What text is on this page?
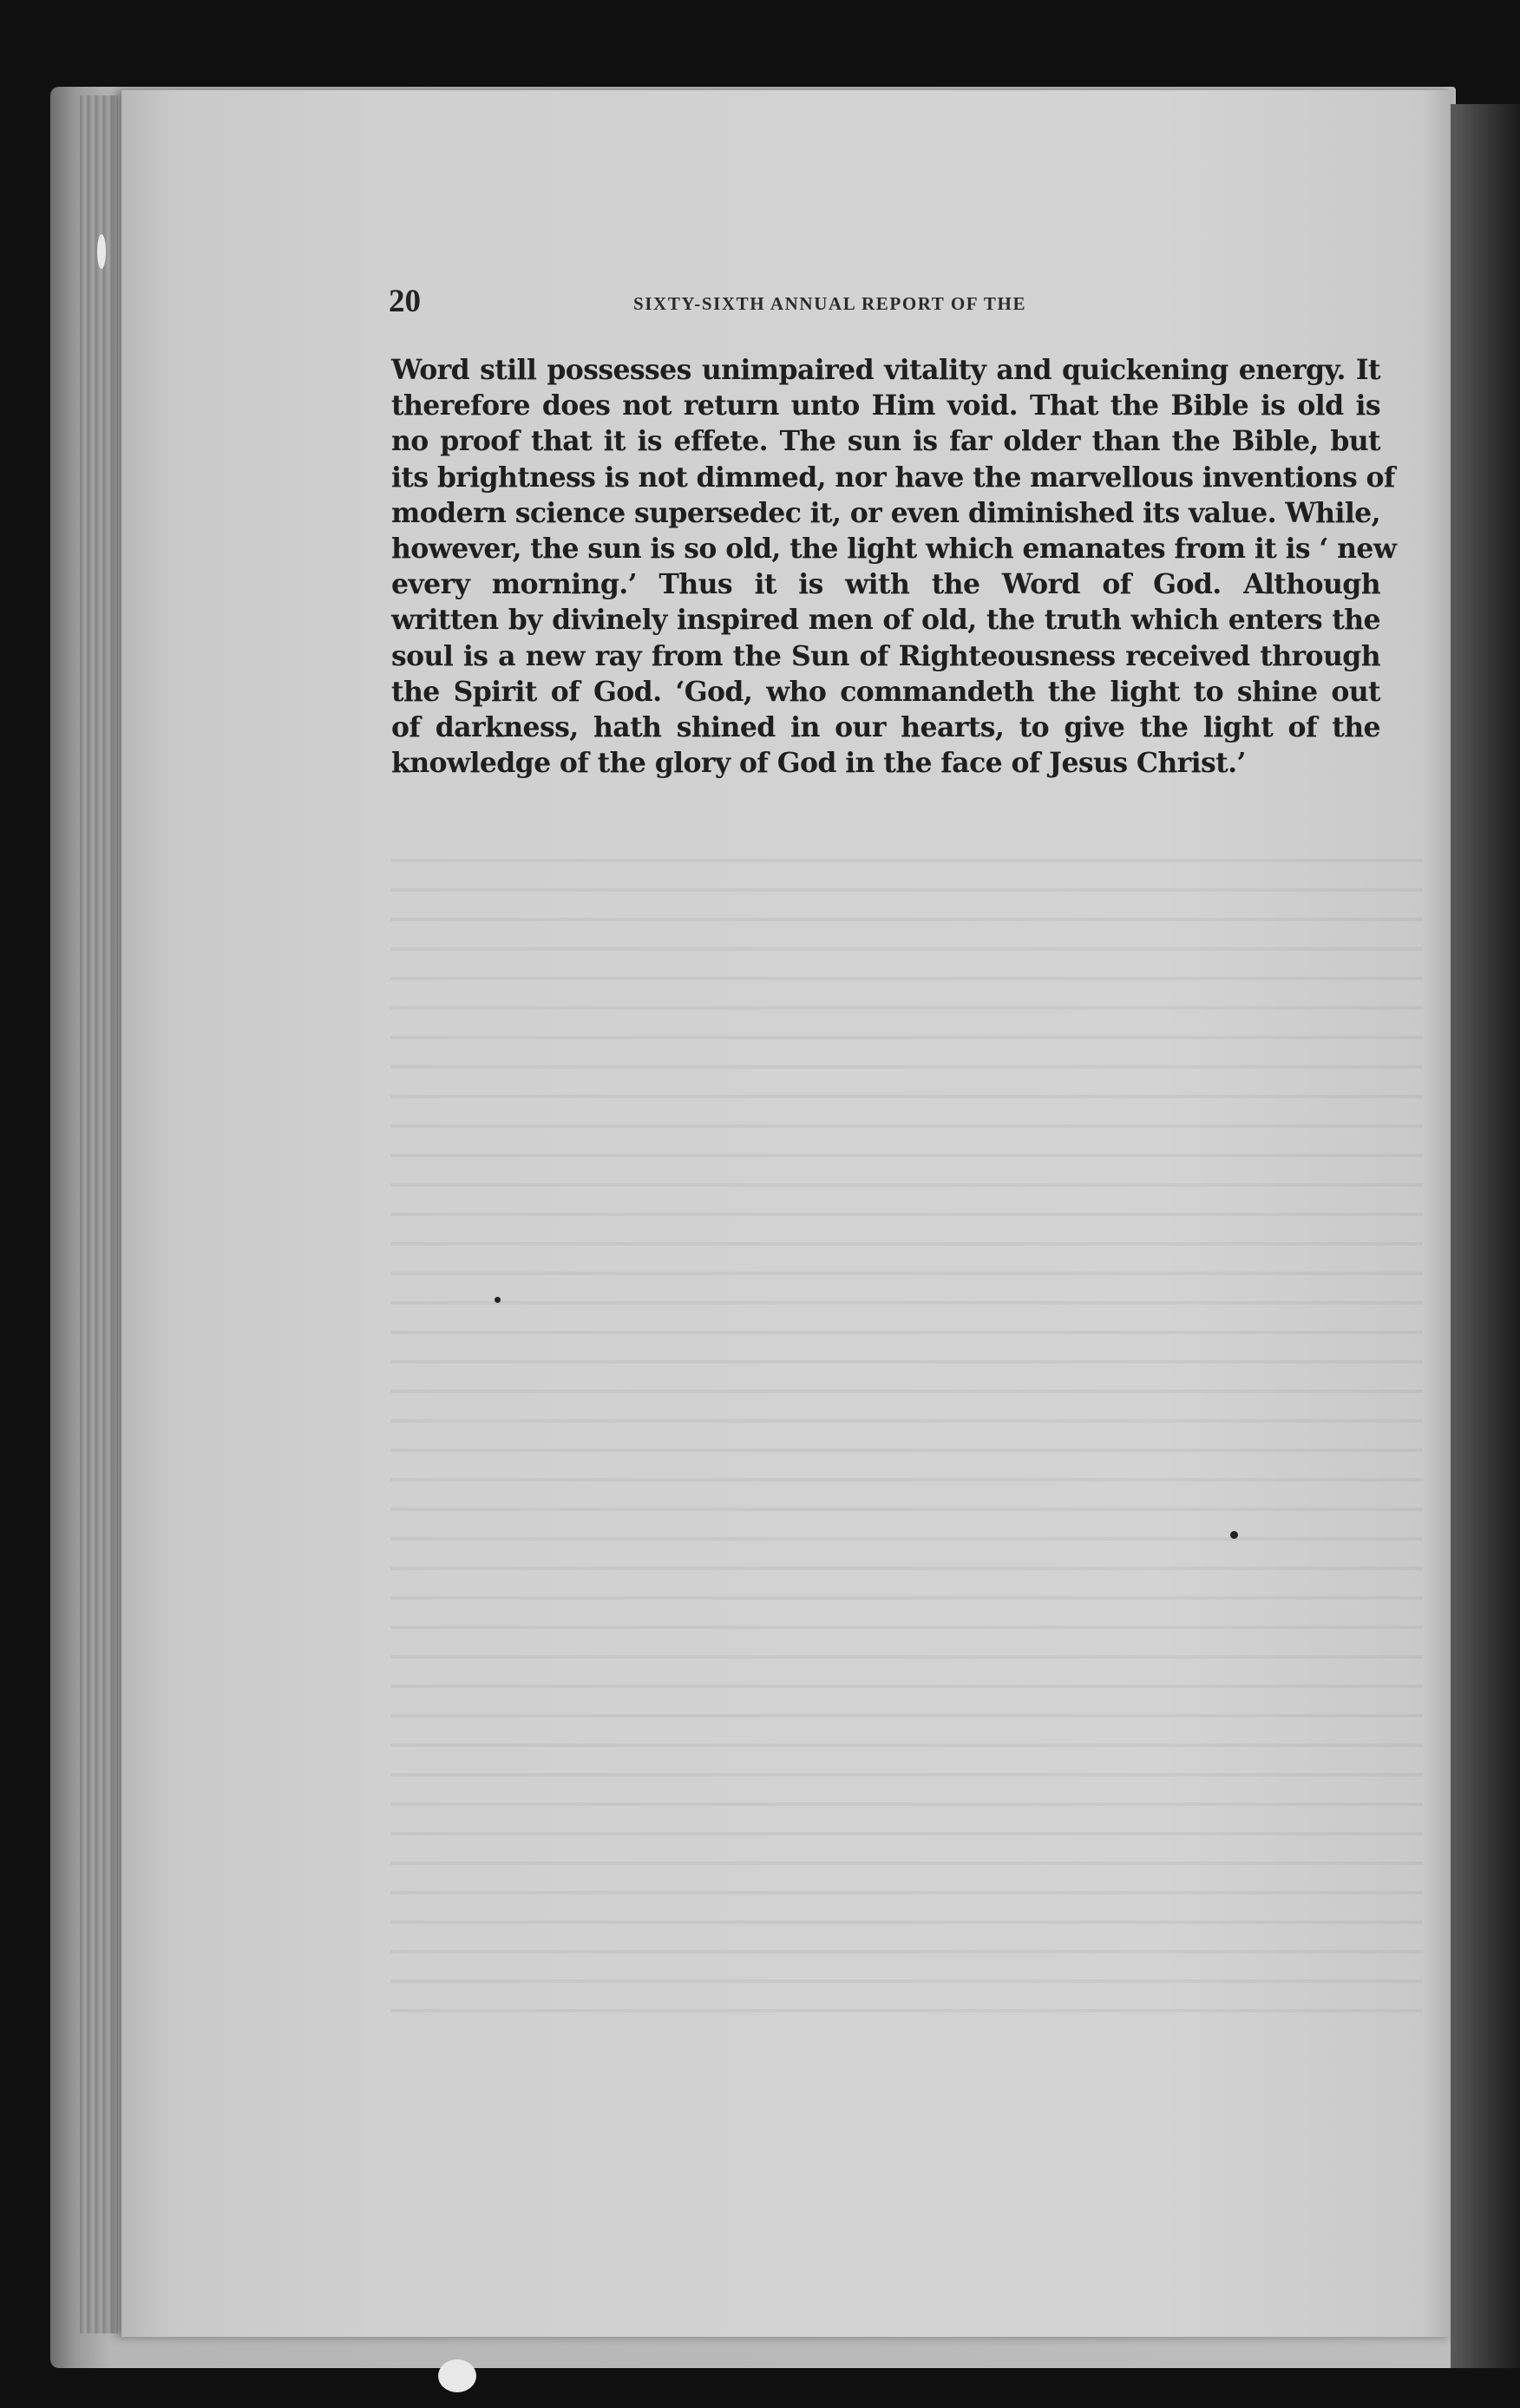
20	SIXTY-SIXTH ANNUAL REPORT OF THE
Word still possesses unimpaired vitality and quickening energy. It
therefore does not return unto Him void. That the Bible is old is
no proof that it is effete. The sun is far older than the Bible, but
its brightness is not dimmed, nor have the marvellous inventions of
modern science supersedec it, or even diminished its value. While,
however, the sun is so old, the light which emanates from it is ‘ new
every morning.’ Thus it is with the Word of God. Although
written by divinely inspired men of old, the truth which enters the
soul is a new ray from the Sun of Righteousness received through
the Spirit of God. ‘God, who commandeth the light to shine out
of darkness, hath shined in our hearts, to give the light of the
knowledge of the glory of God in the face of Jesus Christ.’
